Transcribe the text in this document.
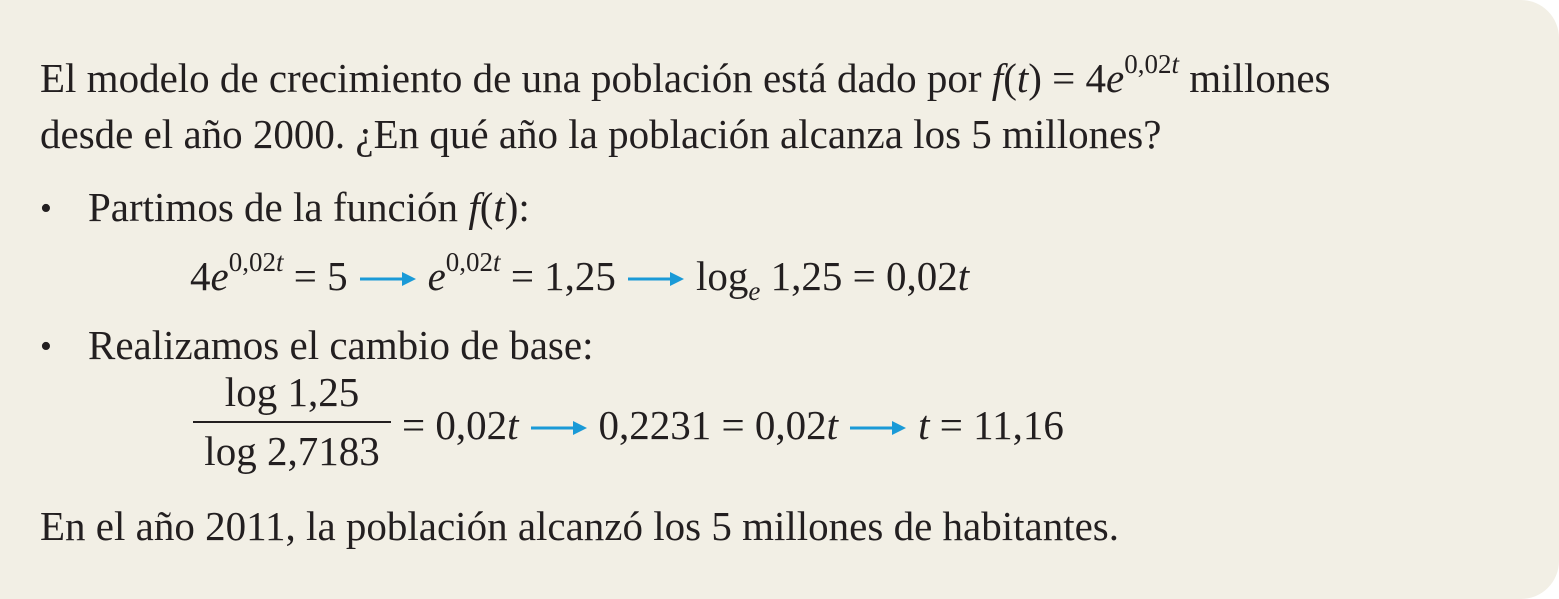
El modelo de crecimiento de una población está dado por $f(t) = 4e^{0,02t}$ millones
desde el año 2000. ¿En qué año la población alcanza los 5 millones?
• Partimos de la función f(t):
$4e^{0,02t} = 5$ $e^{0,02t} = 1,25$ $\log_e 1,25 = 0,02t$
• Realizamos el cambio de base:
log 1,25
log 2,7183
= 0,02t 0,2231 = 0,02t t = 11,16
En el año 2011, la población alcanzó los 5 millones de habitantes.
